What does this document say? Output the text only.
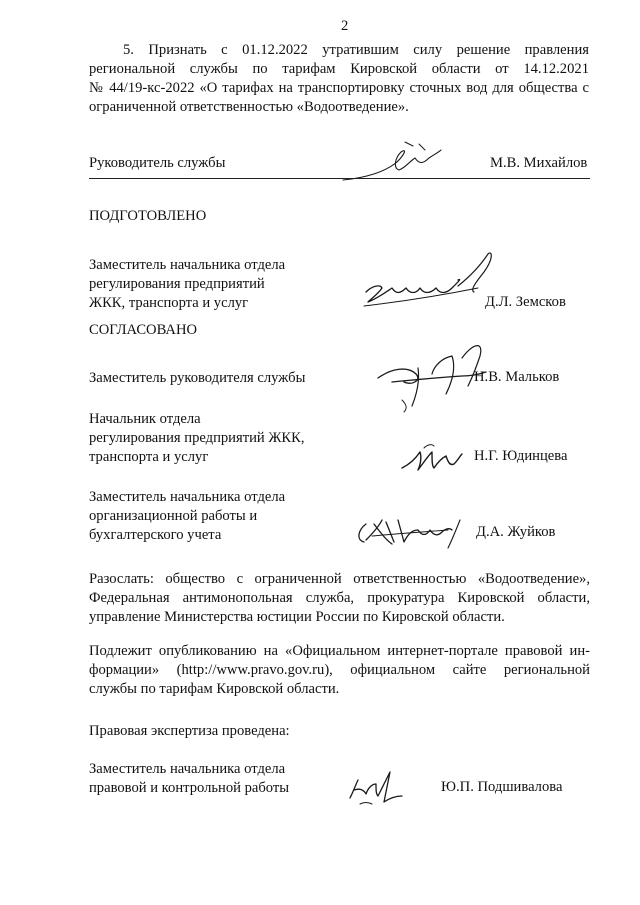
2
5. Признать с 01.12.2022 утратившим силу решение правления
региональной службы по тарифам Кировской области от 14.12.2021
№ 44/19-кс-2022 «О тарифах на транспортировку сточных вод для общества с
ограниченной ответственностью «Водоотведение».
Руководитель службы	М.В. Михайлов
ПОДГОТОВЛЕНО
Заместитель начальника отдела
регулирования предприятий
ЖКК, транспорта и услуг	Д.Л. Земсков
СОГЛАСОВАНО
Заместитель руководителя службы	Н.В. Мальков
Начальник отдела
регулирования предприятий ЖКК,
транспорта и услуг	Н.Г. Юдинцева
Заместитель начальника отдела
организационной работы и
бухгалтерского учета	Д.А. Жуйков
Разослать: общество с ограниченной ответственностью «Водоотведение»,
Федеральная антимонопольная служба, прокуратура Кировской области,
управление Министерства юстиции России по Кировской области.
Подлежит опубликованию на «Официальном интернет-портале правовой ин-
формации» (http://www.pravo.gov.ru), официальном сайте региональной
службы по тарифам Кировской области.
Правовая экспертиза проведена:
Заместитель начальника отдела
правовой и контрольной работы	Ю.П. Подшивалова
